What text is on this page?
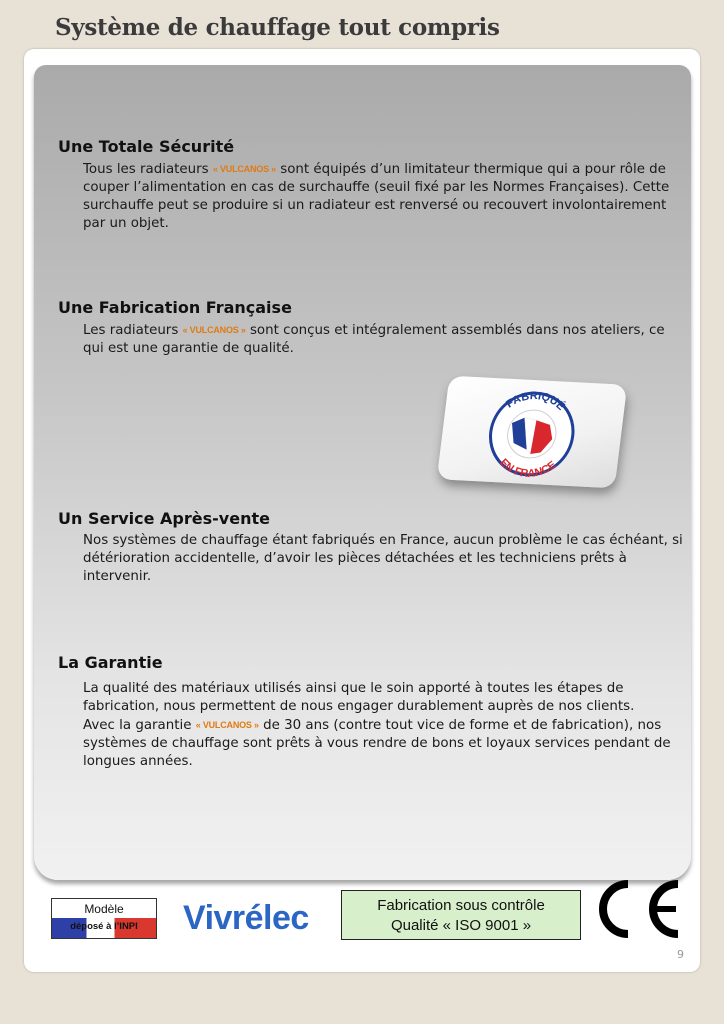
Système de chauffage tout compris
Une Totale Sécurité

Tous les radiateurs « VULCANOS » sont équipés d’un limitateur thermique qui a pour rôle de couper l’alimentation en cas de surchauffe (seuil fixé par les Normes Françaises). Cette surchauffe peut se produire si un radiateur est renversé ou recouvert involontairement par un objet.

Une Fabrication Française

Les radiateurs « VULCANOS » sont conçus et intégralement assemblés dans nos ateliers, ce qui est une garantie de qualité.

FABRIQUÉ
EN FRANCE
Un Service Après-vente

Nos systèmes de chauffage étant fabriqués en France, aucun problème le cas échéant, si détérioration accidentelle, d’avoir les pièces détachées et les techniciens prêts à intervenir.

La Garantie

La qualité des matériaux utilisés ainsi que le soin apporté à toutes les étapes de fabrication, nous permettent de nous engager durablement auprès de nos clients.

Avec la garantie « VULCANOS » de 30 ans (contre tout vice de forme et de fabrication), nos systèmes de chauffage sont prêts à vous rendre de bons et loyaux services pendant de longues années.

Modèle
déposé à l’INPI	Vivrélec	Fabrication sous contrôle
Qualité « ISO 9001 »
9
